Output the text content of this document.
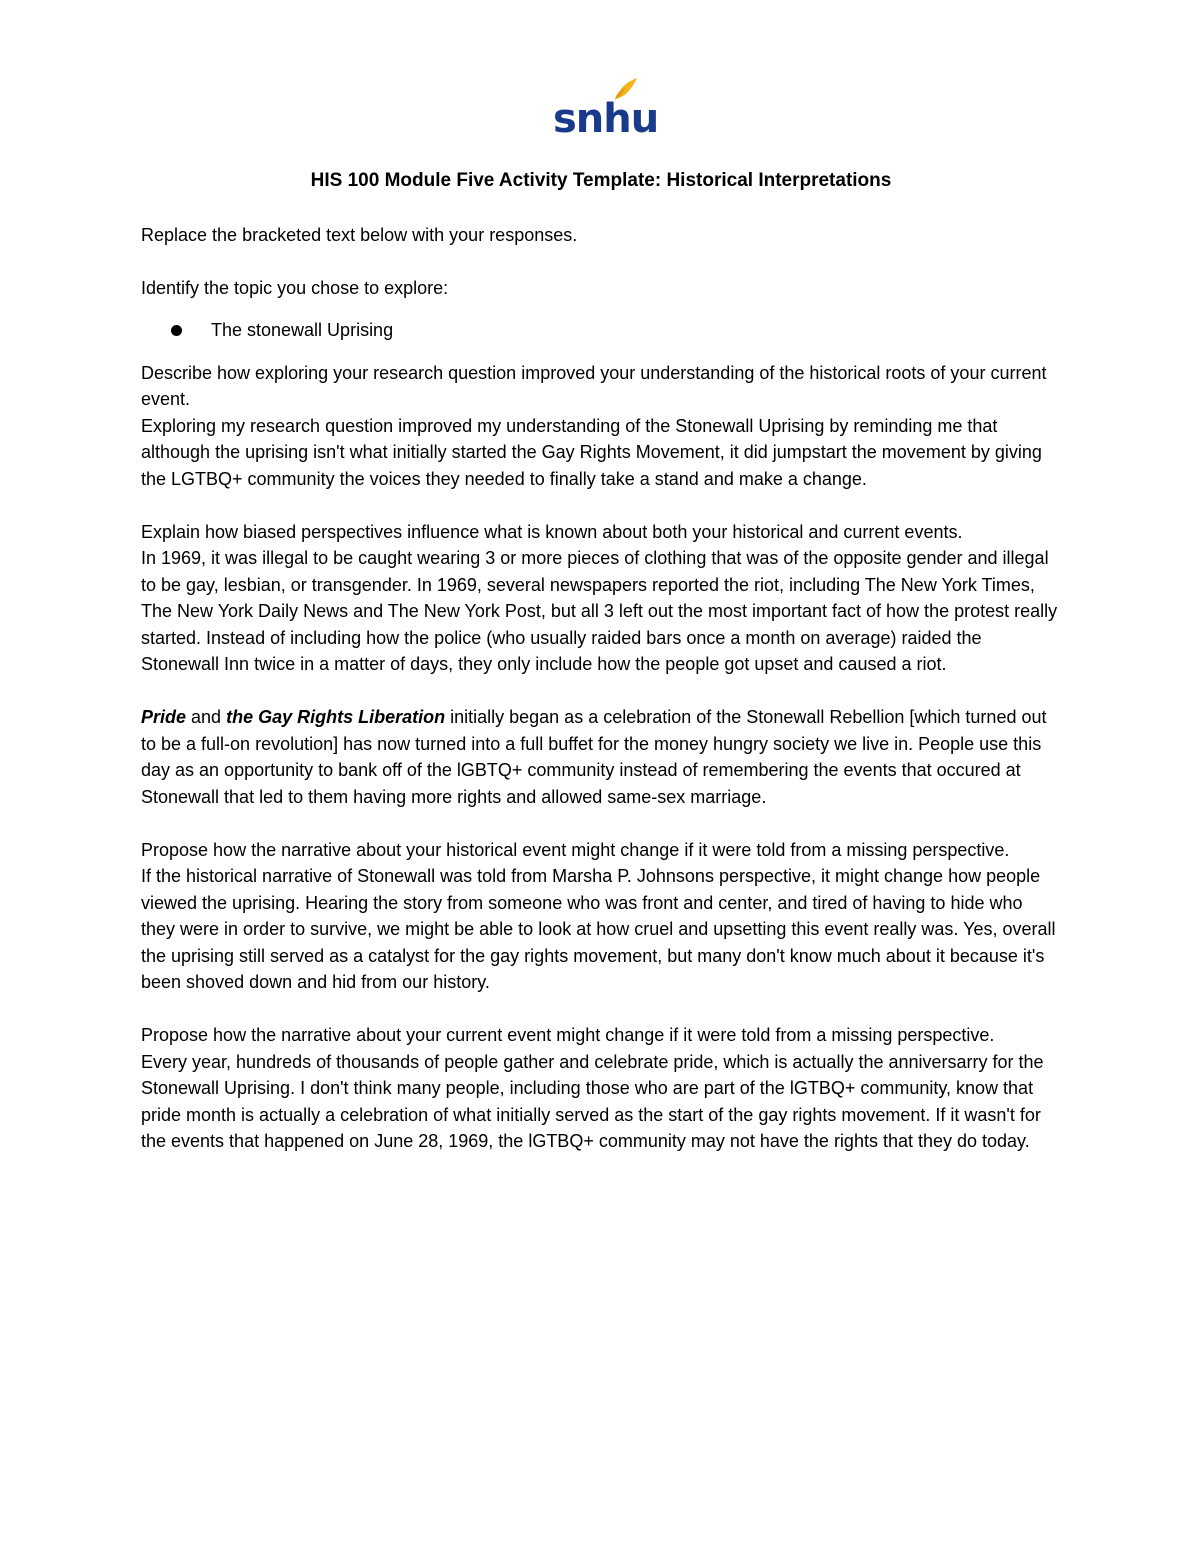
snhu

HIS 100 Module Five Activity Template: Historical Interpretations

Replace the bracketed text below with your responses.

Identify the topic you chose to explore:

The stonewall Uprising

Describe how exploring your research question improved your understanding of the historical roots of your current event.

Exploring my research question improved my understanding of the Stonewall Uprising by reminding me that although the uprising isn't what initially started the Gay Rights Movement, it did jumpstart the movement by giving the LGTBQ+ community the voices they needed to finally take a stand and make a change.

Explain how biased perspectives influence what is known about both your historical and current events.

In 1969, it was illegal to be caught wearing 3 or more pieces of clothing that was of the opposite gender and illegal to be gay, lesbian, or transgender. In 1969, several newspapers reported the riot, including The New York Times, The New York Daily News and The New York Post, but all 3 left out the most important fact of how the protest really started. Instead of including how the police (who usually raided bars once a month on average) raided the Stonewall Inn twice in a matter of days, they only include how the people got upset and caused a riot.

Pride and the Gay Rights Liberation initially began as a celebration of the Stonewall Rebellion [which turned out to be a full-on revolution] has now turned into a full buffet for the money hungry society we live in. People use this day as an opportunity to bank off of the lGBTQ+ community instead of remembering the events that occured at Stonewall that led to them having more rights and allowed same-sex marriage.

Propose how the narrative about your historical event might change if it were told from a missing perspective.

If the historical narrative of Stonewall was told from Marsha P. Johnsons perspective, it might change how people viewed the uprising. Hearing the story from someone who was front and center, and tired of having to hide who they were in order to survive, we might be able to look at how cruel and upsetting this event really was. Yes, overall the uprising still served as a catalyst for the gay rights movement, but many don't know much about it because it's been shoved down and hid from our history.

Propose how the narrative about your current event might change if it were told from a missing perspective.

Every year, hundreds of thousands of people gather and celebrate pride, which is actually the anniversarry for the Stonewall Uprising. I don't think many people, including those who are part of the lGTBQ+ community, know that pride month is actually a celebration of what initially served as the start of the gay rights movement. If it wasn't for the events that happened on June 28, 1969, the lGTBQ+ community may not have the rights that they do today.
